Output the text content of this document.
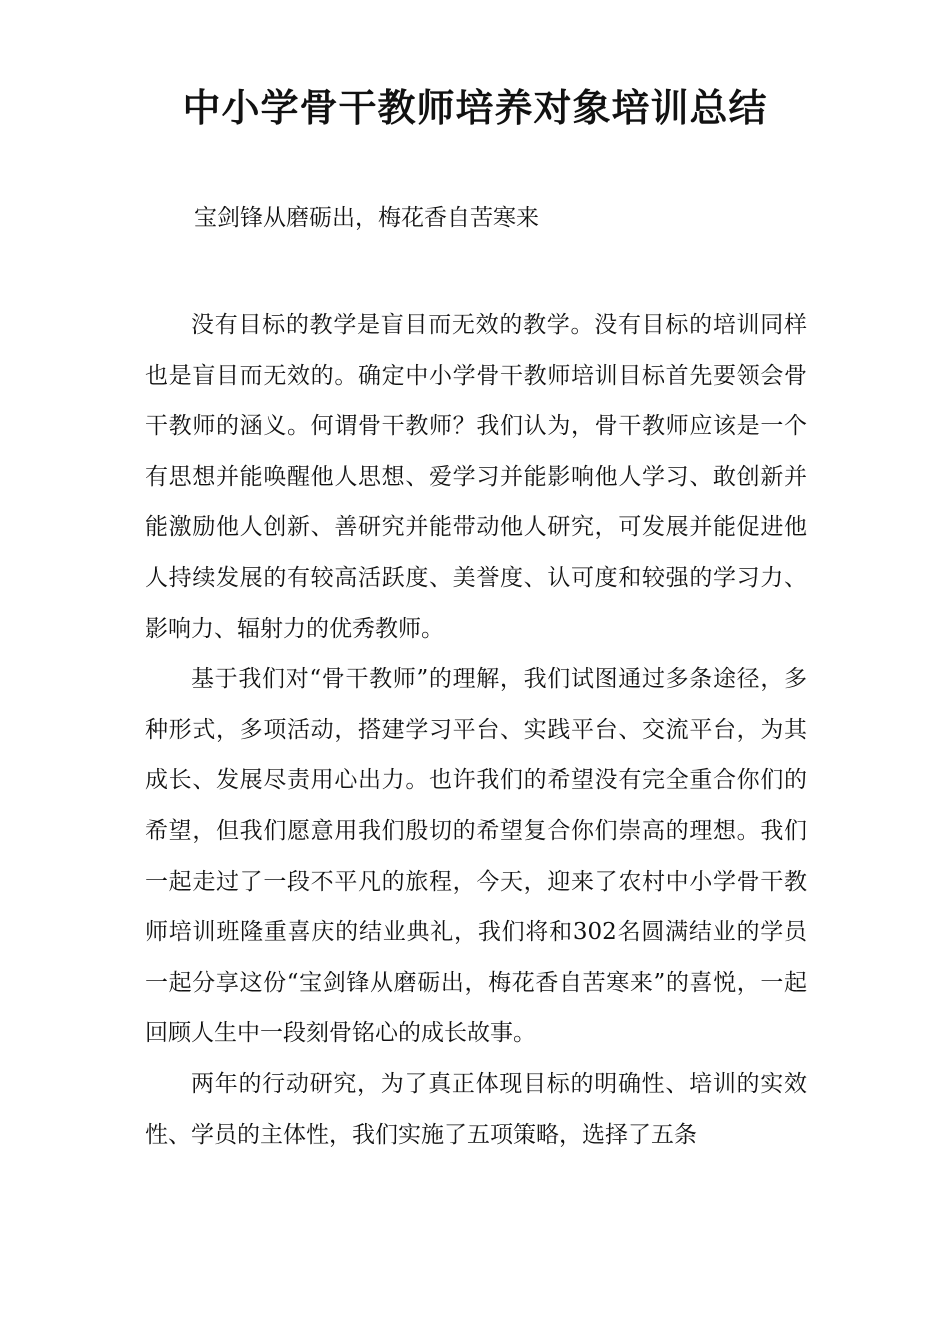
中小学骨干教师培养对象培训总结

宝剑锋从磨砺出，梅花香自苦寒来

没有目标的教学是盲目而无效的教学。没有目标的培训同样也是盲目而无效的。确定中小学骨干教师培训目标首先要领会骨干教师的涵义。何谓骨干教师？我们认为，骨干教师应该是一个有思想并能唤醒他人思想、爱学习并能影响他人学习、敢创新并能激励他人创新、善研究并能带动他人研究，可发展并能促进他人持续发展的有较高活跃度、美誉度、认可度和较强的学习力、影响力、辐射力的优秀教师。

基于我们对“骨干教师”的理解，我们试图通过多条途径，多种形式，多项活动，搭建学习平台、实践平台、交流平台，为其成长、发展尽责用心出力。也许我们的希望没有完全重合你们的希望，但我们愿意用我们殷切的希望复合你们崇高的理想。我们一起走过了一段不平凡的旅程，今天，迎来了农村中小学骨干教师培训班隆重喜庆的结业典礼，我们将和302名圆满结业的学员一起分享这份“宝剑锋从磨砺出，梅花香自苦寒来”的喜悦，一起回顾人生中一段刻骨铭心的成长故事。

两年的行动研究，为了真正体现目标的明确性、培训的实效性、学员的主体性，我们实施了五项策略，选择了五条
